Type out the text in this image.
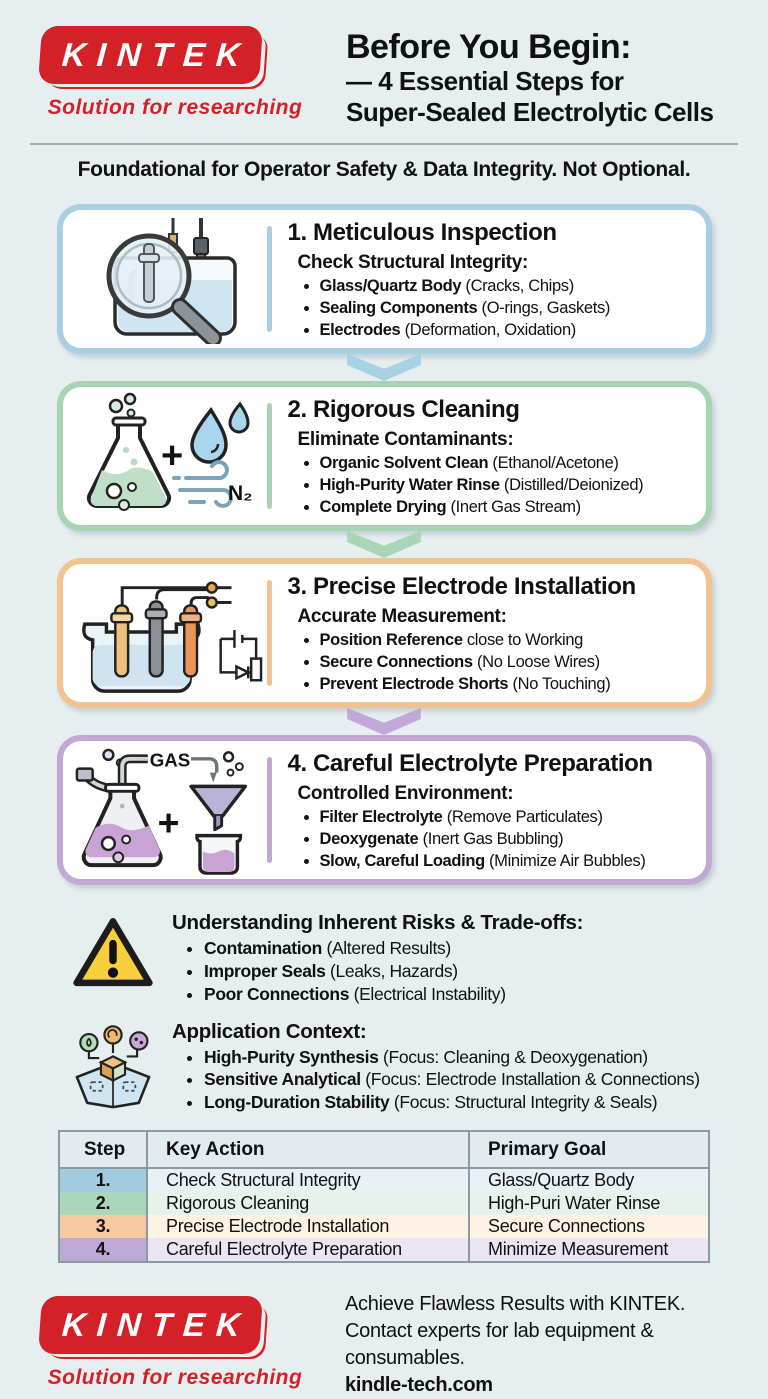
KINTEK
Solution for researching
Before You Begin:
— 4 Essential Steps for
Super-Sealed Electrolytic Cells
Foundational for Operator Safety & Data Integrity. Not Optional.
1. Meticulous Inspection
Check Structural Integrity:
• Glass/Quartz Body (Cracks, Chips)
• Sealing Components (O-rings, Gaskets)
• Electrodes (Deformation, Oxidation)
+
N₂
2. Rigorous Cleaning
Eliminate Contaminants:
• Organic Solvent Clean (Ethanol/Acetone)
• High-Purity Water Rinse (Distilled/Deionized)
• Complete Drying (Inert Gas Stream)
3. Precise Electrode Installation
Accurate Measurement:
• Position Reference close to Working
• Secure Connections (No Loose Wires)
• Prevent Electrode Shorts (No Touching)
GAS
+
4. Careful Electrolyte Preparation
Controlled Environment:
• Filter Electrolyte (Remove Particulates)
• Deoxygenate (Inert Gas Bubbling)
• Slow, Careful Loading (Minimize Air Bubbles)
Understanding Inherent Risks & Trade-offs:
• Contamination (Altered Results)
• Improper Seals (Leaks, Hazards)
• Poor Connections (Electrical Instability)
Application Context:
• High-Purity Synthesis (Focus: Cleaning & Deoxygenation)
• Sensitive Analytical (Focus: Electrode Installation & Connections)
• Long-Duration Stability (Focus: Structural Integrity & Seals)
Step	Key Action	Primary Goal
1.	Check Structural Integrity	Glass/Quartz Body
2.	Rigorous Cleaning	High-Puri Water Rinse
3.	Precise Electrode Installation	Secure Connections
4.	Careful Electrolyte Preparation	Minimize Measurement
KINTEK
Solution for researching
Achieve Flawless Results with KINTEK.
Contact experts for lab equipment & consumables.
kindle-tech.com
